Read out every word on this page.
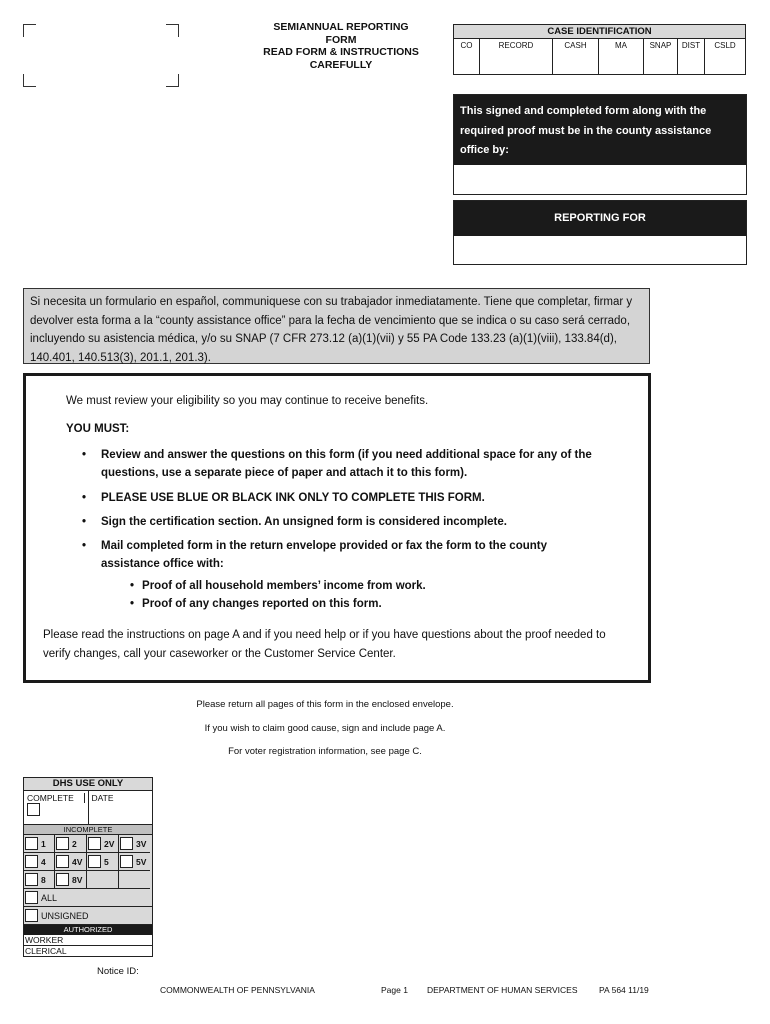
SEMIANNUAL REPORTING
FORM
READ FORM & INSTRUCTIONS
CAREFULLY
CASE IDENTIFICATION
CO	RECORD	CASH	MA	SNAP	DIST	CSLD
This signed and completed form along with the required proof must be in the county assistance office by:
REPORTING FOR
Si necesita un formulario en español, communiquese con su trabajador inmediatamente. Tiene que completar, firmar y devolver esta forma a la “county assistance office” para la fecha de vencimiento que se indica o su caso será cerrado, incluyendo su asistencia médica, y/o su SNAP (7 CFR 273.12 (a)(1)(vii) y 55 PA Code 133.23 (a)(1)(viii), 133.84(d), 140.401, 140.513(3), 201.1, 201.3).
We must review your eligibility so you may continue to receive benefits.
YOU MUST:
•	Review and answer the questions on this form (if you need additional space for any of the questions, use a separate piece of paper and attach it to this form).
•	PLEASE USE BLUE OR BLACK INK ONLY TO COMPLETE THIS FORM.
•	Sign the certification section. An unsigned form is considered incomplete.
•	Mail completed form in the return envelope provided or fax the form to the county assistance office with:
• Proof of all household members’ income from work.
• Proof of any changes reported on this form.
Please read the instructions on page A and if you need help or if you have questions about the proof needed to verify changes, call your caseworker or the Customer Service Center.
Please return all pages of this form in the enclosed envelope.
If you wish to claim good cause, sign and include page A.
For voter registration information, see page C.
DHS USE ONLY
COMPLETE	DATE
INCOMPLETE
1	2	2V	3V
4	4V	5	5V
8	8V
ALL
UNSIGNED
AUTHORIZED
WORKER
CLERICAL
Notice ID:
COMMONWEALTH OF PENNSYLVANIA	Page 1 DEPARTMENT OF HUMAN SERVICES	PA 564 11/19
